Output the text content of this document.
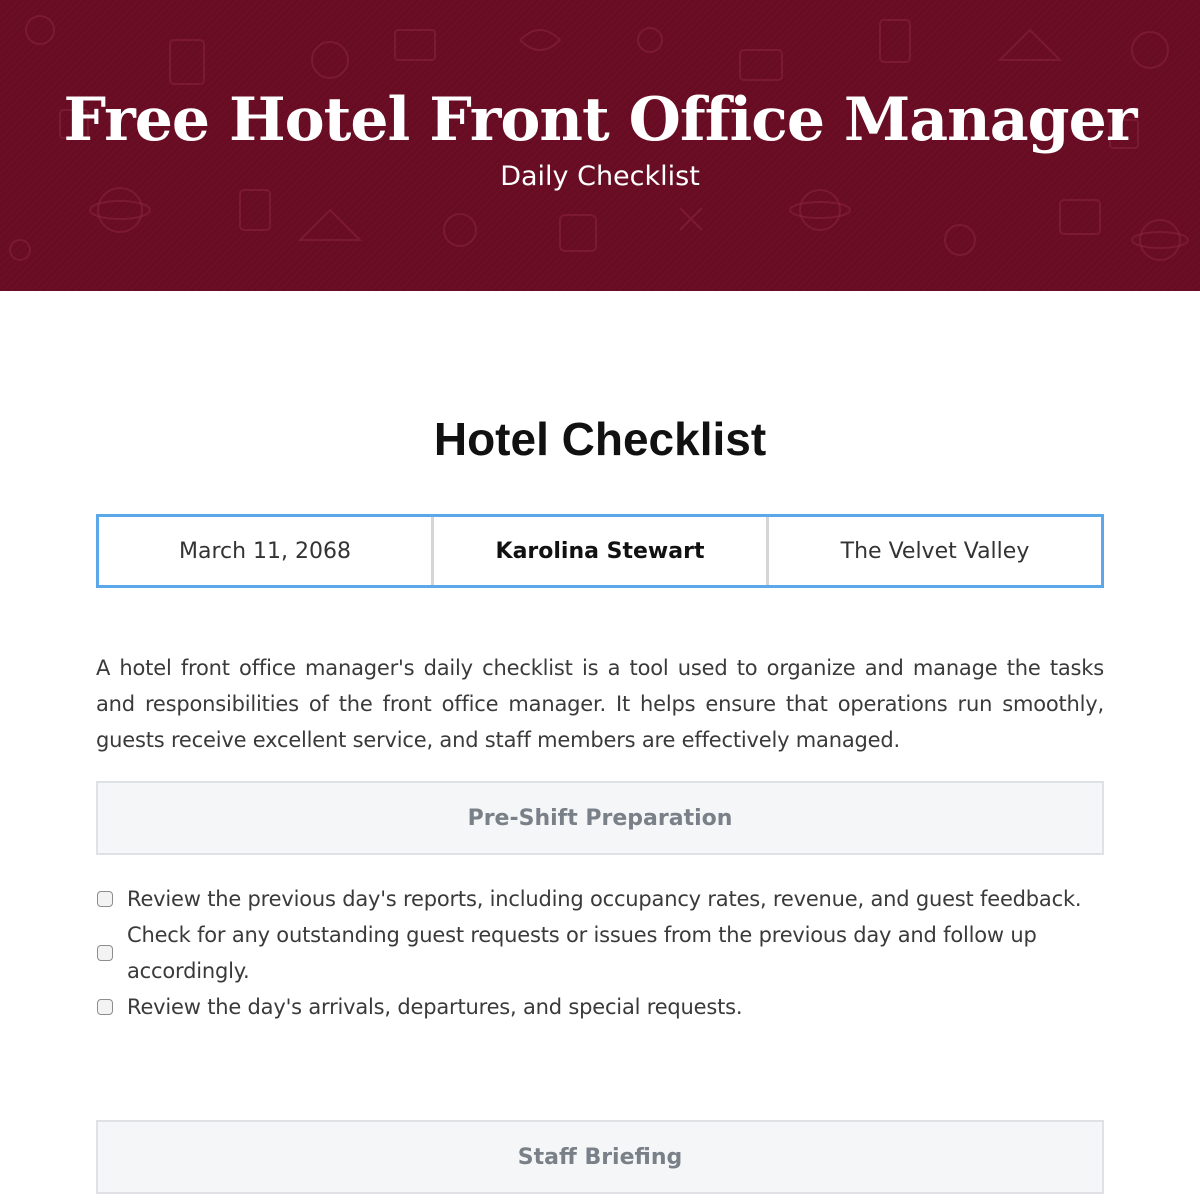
Free Hotel Front Office Manager
Daily Checklist
Hotel Checklist
March 11, 2068	Karolina Stewart	The Velvet Valley

A hotel front office manager's daily checklist is a tool used to organize and manage the tasks and responsibilities of the front office manager. It helps ensure that operations run smoothly, guests receive excellent service, and staff members are effectively managed.

Pre-Shift Preparation
Review the previous day's reports, including occupancy rates, revenue, and guest feedback.
Check for any outstanding guest requests or issues from the previous day and follow up accordingly.
Review the day's arrivals, departures, and special requests.
Staff Briefing
